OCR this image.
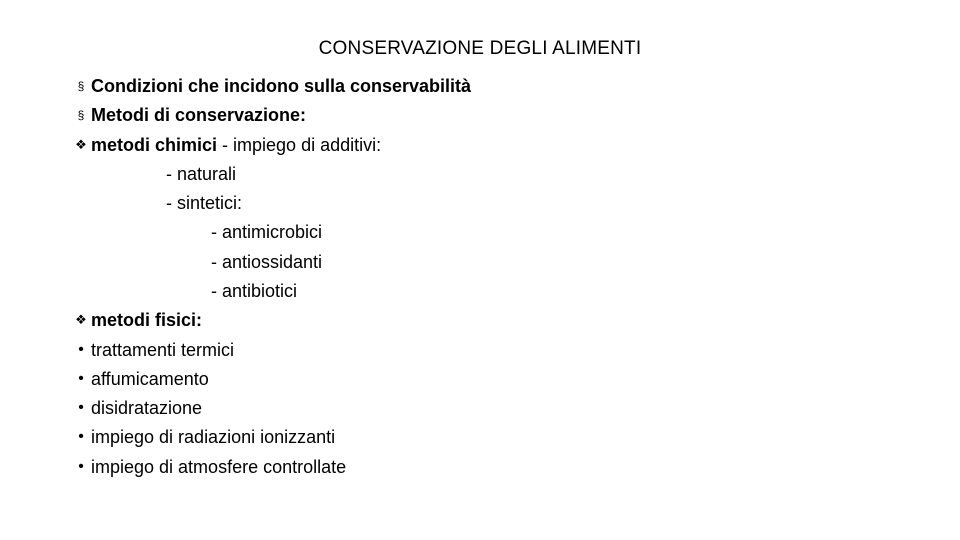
CONSERVAZIONE DEGLI ALIMENTI
§ Condizioni che incidono sulla conservabilità
§ Metodi di conservazione:
❖ metodi chimici - impiego di additivi:
- naturali
- sintetici:
- antimicrobici
- antiossidanti
- antibiotici
❖ metodi fisici:
• trattamenti termici
• affumicamento
• disidratazione
• impiego di radiazioni ionizzanti
• impiego di atmosfere controllate
